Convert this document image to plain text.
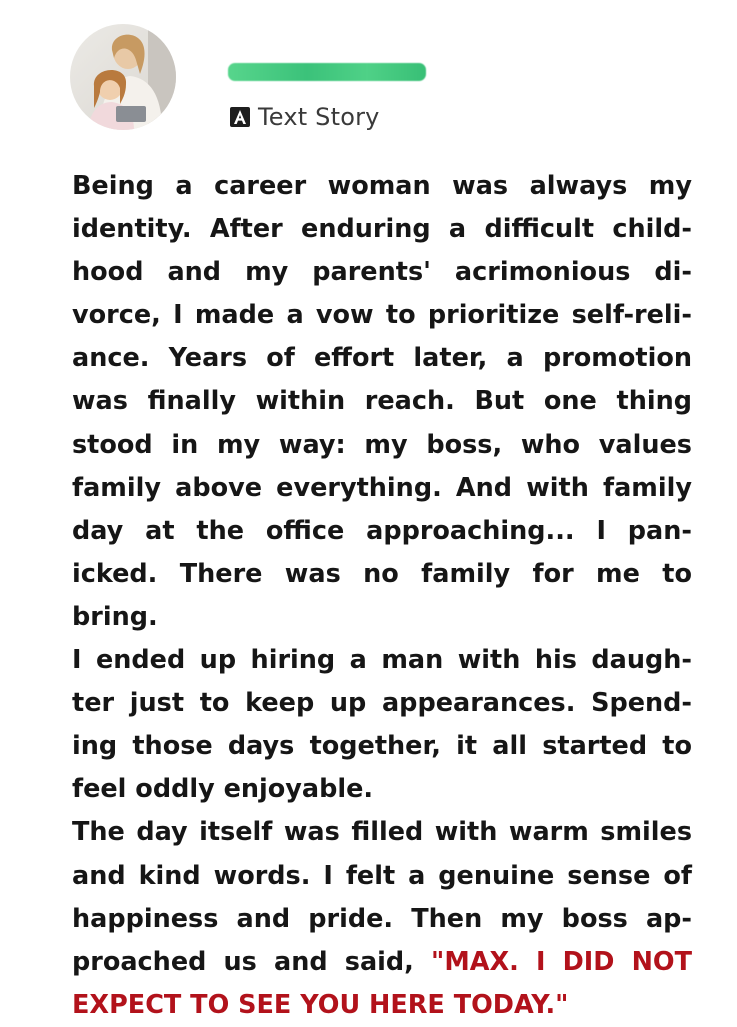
Text Story
Being a career woman was always my
identity. After enduring a difficult child-
hood and my parents' acrimonious di-
vorce, I made a vow to prioritize self-reli-
ance. Years of effort later, a promotion
was finally within reach. But one thing
stood in my way: my boss, who values
family above everything. And with family
day at the office approaching... I pan-
icked. There was no family for me to
bring.
I ended up hiring a man with his daugh-
ter just to keep up appearances. Spend-
ing those days together, it all started to
feel oddly enjoyable.
The day itself was filled with warm smiles
and kind words. I felt a genuine sense of
happiness and pride. Then my boss ap-
proached us and said, "MAX. I DID NOT
EXPECT TO SEE YOU HERE TODAY."
